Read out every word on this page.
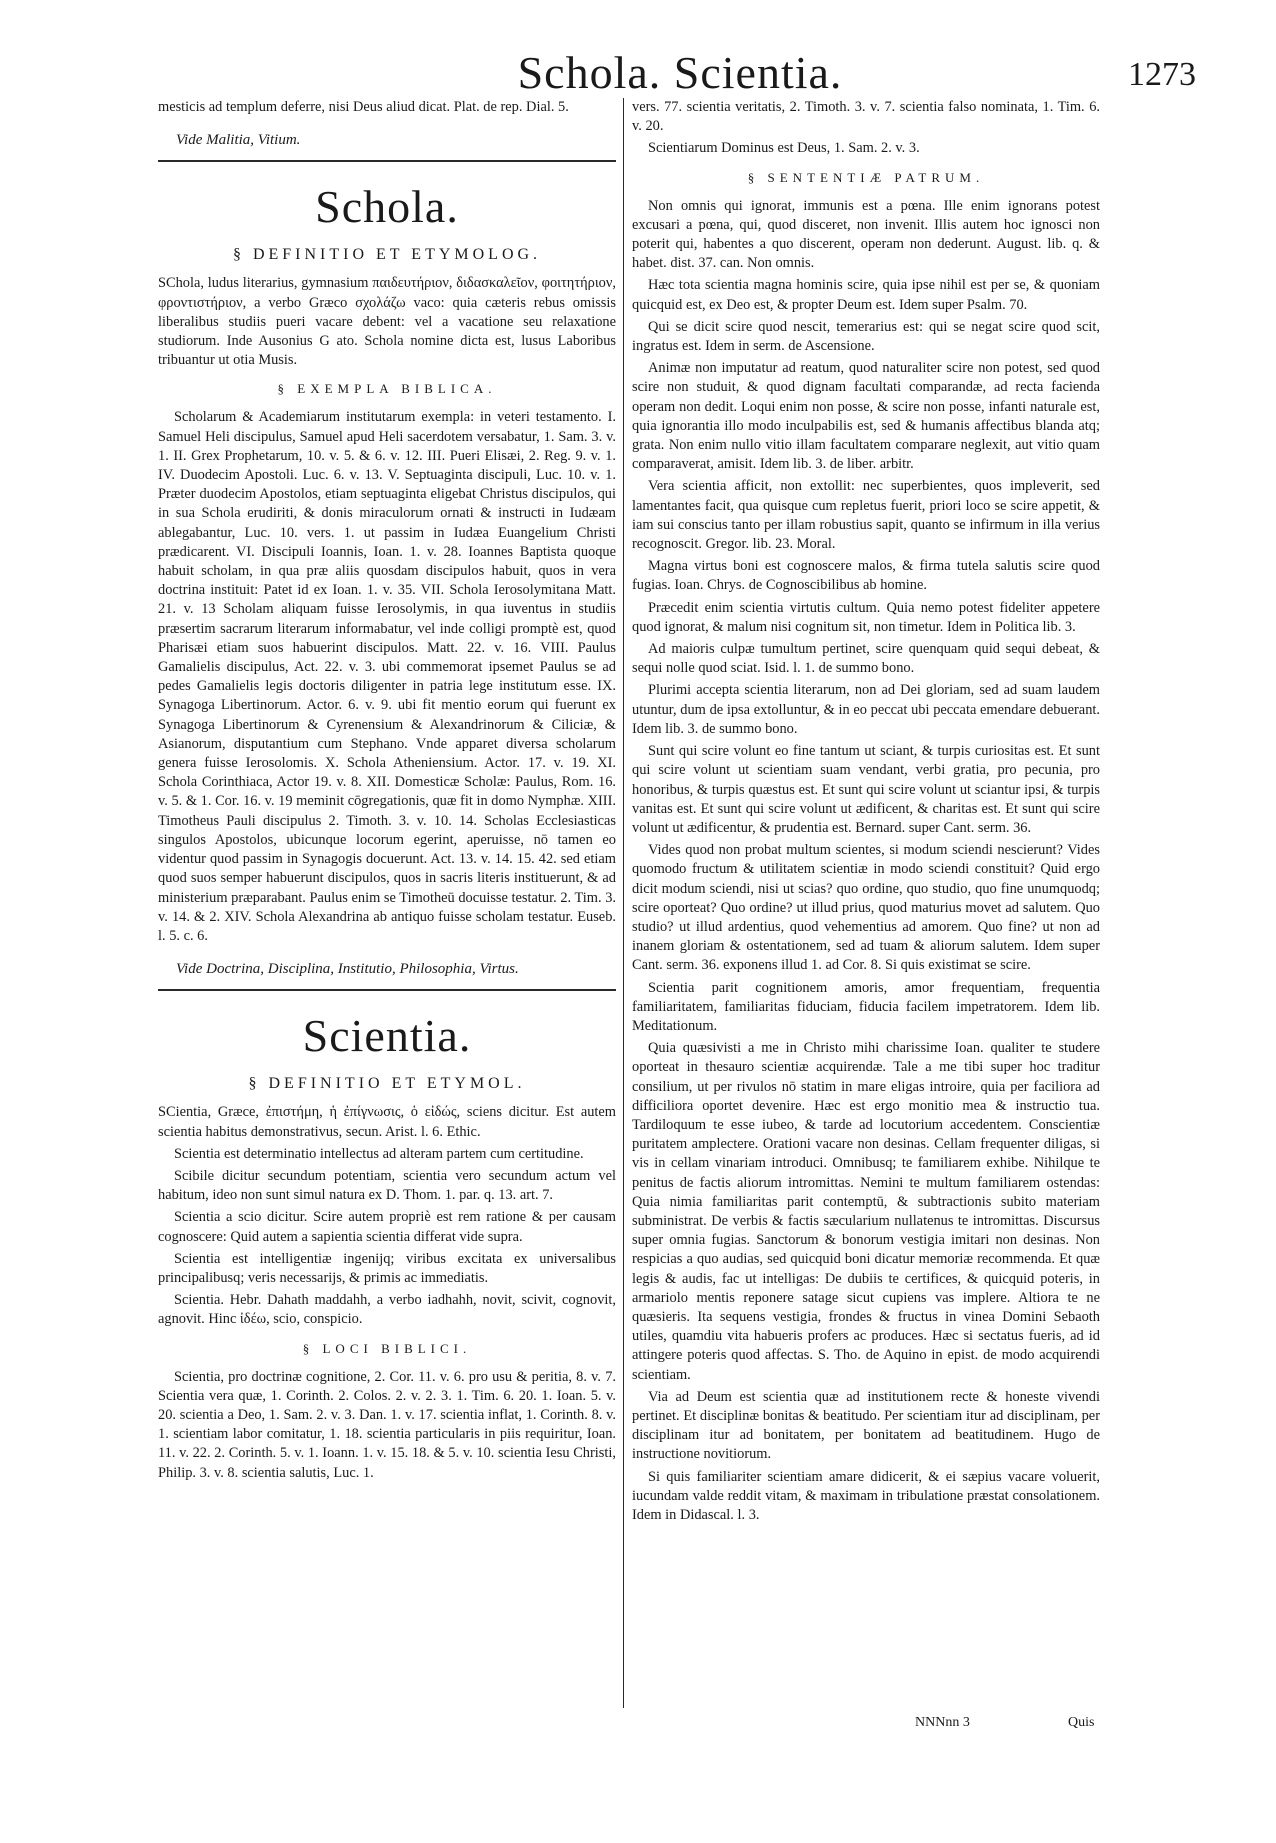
Schola. Scientia.	1273

mesticis ad templum deferre, nisi Deus aliud dicat. Plat. de rep. Dial. 5.

Vide Malitia, Vitium.
Schola.
§ DEFINITIO ET ETYMOLOG.

SChola, ludus literarius, gymnasium παιδευτήριον, διδασκαλεῖον, φοιτητήριον, φροντιστήριον, a verbo Græco σχολάζω vaco: quia cæteris rebus omissis liberalibus studiis pueri vacare debent: vel a vacatione seu relaxatione studiorum. Inde Ausonius G ato. Schola nomine dicta est, lusus Laboribus tribuantur ut otia Musis.

§ EXEMPLA BIBLICA.

Scholarum & Academiarum institutarum exempla: in veteri testamento. I. Samuel Heli discipulus, Samuel apud Heli sacerdotem versabatur, 1. Sam. 3. v. 1. II. Grex Prophetarum, 10. v. 5. & 6. v. 12. III. Pueri Elisæi, 2. Reg. 9. v. 1. IV. Duodecim Apostoli. Luc. 6. v. 13. V. Septuaginta discipuli, Luc. 10. v. 1. Præter duodecim Apostolos, etiam septuaginta eligebat Christus discipulos, qui in sua Schola erudiriti, & donis miraculorum ornati & instructi in Iudæam ablegabantur, Luc. 10. vers. 1. ut passim in Iudæa Euangelium Christi prædicarent. VI. Discipuli Ioannis, Ioan. 1. v. 28. Ioannes Baptista quoque habuit scholam, in qua præ aliis quosdam discipulos habuit, quos in vera doctrina instituit: Patet id ex Ioan. 1. v. 35. VII. Schola Ierosolymitana Matt. 21. v. 13 Scholam aliquam fuisse Ierosolymis, in qua iuventus in studiis præsertim sacrarum literarum informabatur, vel inde colligi promptè est, quod Pharisæi etiam suos habuerint discipulos. Matt. 22. v. 16. VIII. Paulus Gamalielis discipulus, Act. 22. v. 3. ubi commemorat ipsemet Paulus se ad pedes Gamalielis legis doctoris diligenter in patria lege institutum esse. IX. Synagoga Libertinorum. Actor. 6. v. 9. ubi fit mentio eorum qui fuerunt ex Synagoga Libertinorum & Cyrenensium & Alexandrinorum & Ciliciæ, & Asianorum, disputantium cum Stephano. Vnde apparet diversa scholarum genera fuisse Ierosolomis. X. Schola Atheniensium. Actor. 17. v. 19. XI. Schola Corinthiaca, Actor 19. v. 8. XII. Domesticæ Scholæ: Paulus, Rom. 16. v. 5. & 1. Cor. 16. v. 19 meminit cōgregationis, quæ fit in domo Nymphæ. XIII. Timotheus Pauli discipulus 2. Timoth. 3. v. 10. 14. Scholas Ecclesiasticas singulos Apostolos, ubicunque locorum egerint, aperuisse, nō tamen eo videntur quod passim in Synagogis docuerunt. Act. 13. v. 14. 15. 42. sed etiam quod suos semper habuerunt discipulos, quos in sacris literis instituerunt, & ad ministerium præparabant. Paulus enim se Timotheū docuisse testatur. 2. Tim. 3. v. 14. & 2. XIV. Schola Alexandrina ab antiquo fuisse scholam testatur. Euseb. l. 5. c. 6.

Vide Doctrina, Disciplina, Institutio, Philosophia, Virtus.
Scientia.
§ DEFINITIO ET ETYMOL.

SCientia, Græce, ἐπιστήμη, ἡ ἐπίγνωσις, ὁ εἰδώς, sciens dicitur. Est autem scientia habitus demonstrativus, secun. Arist. l. 6. Ethic.

Scientia est determinatio intellectus ad alteram partem cum certitudine.

Scibile dicitur secundum potentiam, scientia vero secundum actum vel habitum, ideo non sunt simul natura ex D. Thom. 1. par. q. 13. art. 7.

Scientia a scio dicitur. Scire autem propriè est rem ratione & per causam cognoscere: Quid autem a sapientia scientia differat vide supra.

Scientia est intelligentiæ ingenijq; viribus excitata ex universalibus principalibusq; veris necessarijs, & primis ac immediatis.

Scientia. Hebr. Dahath maddahh, a verbo iadhahh, novit, scivit, cognovit, agnovit. Hinc ἰδέω, scio, conspicio.

§ LOCI BIBLICI.

Scientia, pro doctrinæ cognitione, 2. Cor. 11. v. 6. pro usu & peritia, 8. v. 7. Scientia vera quæ, 1. Corinth. 2. Colos. 2. v. 2. 3. 1. Tim. 6. 20. 1. Ioan. 5. v. 20. scientia a Deo, 1. Sam. 2. v. 3. Dan. 1. v. 17. scientia inflat, 1. Corinth. 8. v. 1. scientiam labor comitatur, 1. 18. scientia particularis in piis requiritur, Ioan. 11. v. 22. 2. Corinth. 5. v. 1. Ioann. 1. v. 15. 18. & 5. v. 10. scientia Iesu Christi, Philip. 3. v. 8. scientia salutis, Luc. 1.

vers. 77. scientia veritatis, 2. Timoth. 3. v. 7. scientia falso nominata, 1. Tim. 6. v. 20.

Scientiarum Dominus est Deus, 1. Sam. 2. v. 3.

§ SENTENTIÆ PATRUM.

Non omnis qui ignorat, immunis est a pœna. Ille enim ignorans potest excusari a pœna, qui, quod disceret, non invenit. Illis autem hoc ignosci non poterit qui, habentes a quo discerent, operam non dederunt. August. lib. q. & habet. dist. 37. can. Non omnis.

Hæc tota scientia magna hominis scire, quia ipse nihil est per se, & quoniam quicquid est, ex Deo est, & propter Deum est. Idem super Psalm. 70.

Qui se dicit scire quod nescit, temerarius est: qui se negat scire quod scit, ingratus est. Idem in serm. de Ascensione.

Animæ non imputatur ad reatum, quod naturaliter scire non potest, sed quod scire non studuit, & quod dignam facultati comparandæ, ad recta facienda operam non dedit. Loqui enim non posse, & scire non posse, infanti naturale est, quia ignorantia illo modo inculpabilis est, sed & humanis affectibus blanda atq; grata. Non enim nullo vitio illam facultatem comparare neglexit, aut vitio quam comparaverat, amisit. Idem lib. 3. de liber. arbitr.

Vera scientia afficit, non extollit: nec superbientes, quos impleverit, sed lamentantes facit, qua quisque cum repletus fuerit, priori loco se scire appetit, & iam sui conscius tanto per illam robustius sapit, quanto se infirmum in illa verius recognoscit. Gregor. lib. 23. Moral.

Magna virtus boni est cognoscere malos, & firma tutela salutis scire quod fugias. Ioan. Chrys. de Cognoscibilibus ab homine.

Præcedit enim scientia virtutis cultum. Quia nemo potest fideliter appetere quod ignorat, & malum nisi cognitum sit, non timetur. Idem in Politica lib. 3.

Ad maioris culpæ tumultum pertinet, scire quenquam quid sequi debeat, & sequi nolle quod sciat. Isid. l. 1. de summo bono.

Plurimi accepta scientia literarum, non ad Dei gloriam, sed ad suam laudem utuntur, dum de ipsa extolluntur, & in eo peccat ubi peccata emendare debuerant. Idem lib. 3. de summo bono.

Sunt qui scire volunt eo fine tantum ut sciant, & turpis curiositas est. Et sunt qui scire volunt ut scientiam suam vendant, verbi gratia, pro pecunia, pro honoribus, & turpis quæstus est. Et sunt qui scire volunt ut sciantur ipsi, & turpis vanitas est. Et sunt qui scire volunt ut ædificent, & charitas est. Et sunt qui scire volunt ut ædificentur, & prudentia est. Bernard. super Cant. serm. 36.

Vides quod non probat multum scientes, si modum sciendi nescierunt? Vides quomodo fructum & utilitatem scientiæ in modo sciendi constituit? Quid ergo dicit modum sciendi, nisi ut scias? quo ordine, quo studio, quo fine unumquodq; scire oporteat? Quo ordine? ut illud prius, quod maturius movet ad salutem. Quo studio? ut illud ardentius, quod vehementius ad amorem. Quo fine? ut non ad inanem gloriam & ostentationem, sed ad tuam & aliorum salutem. Idem super Cant. serm. 36. exponens illud 1. ad Cor. 8. Si quis existimat se scire.

Scientia parit cognitionem amoris, amor frequentiam, frequentia familiaritatem, familiaritas fiduciam, fiducia facilem impetratorem. Idem lib. Meditationum.

Quia quæsivisti a me in Christo mihi charissime Ioan. qualiter te studere oporteat in thesauro scientiæ acquirendæ. Tale a me tibi super hoc traditur consilium, ut per rivulos nō statim in mare eligas introire, quia per faciliora ad difficiliora oportet devenire. Hæc est ergo monitio mea & instructio tua. Tardiloquum te esse iubeo, & tarde ad locutorium accedentem. Conscientiæ puritatem amplectere. Orationi vacare non desinas. Cellam frequenter diligas, si vis in cellam vinariam introduci. Omnibusq; te familiarem exhibe. Nihilque te penitus de factis aliorum intromittas. Nemini te multum familiarem ostendas: Quia nimia familiaritas parit contemptū, & subtractionis subito materiam subministrat. De verbis & factis sæcularium nullatenus te intromittas. Discursus super omnia fugias. Sanctorum & bonorum vestigia imitari non desinas. Non respicias a quo audias, sed quicquid boni dicatur memoriæ recommenda. Et quæ legis & audis, fac ut intelligas: De dubiis te certifices, & quicquid poteris, in armariolo mentis reponere satage sicut cupiens vas implere. Altiora te ne quæsieris. Ita sequens vestigia, frondes & fructus in vinea Domini Sebaoth utiles, quamdiu vita habueris profers ac produces. Hæc si sectatus fueris, ad id attingere poteris quod affectas. S. Tho. de Aquino in epist. de modo acquirendi scientiam.

Via ad Deum est scientia quæ ad institutionem recte & honeste vivendi pertinet. Et disciplinæ bonitas & beatitudo. Per scientiam itur ad disciplinam, per disciplinam itur ad bonitatem, per bonitatem ad beatitudinem. Hugo de instructione novitiorum.

Si quis familiariter scientiam amare didicerit, & ei sæpius vacare voluerit, iucundam valde reddit vitam, & maximam in tribulatione præstat consolationem. Idem in Didascal. l. 3.

NNNnn 3	Quis
